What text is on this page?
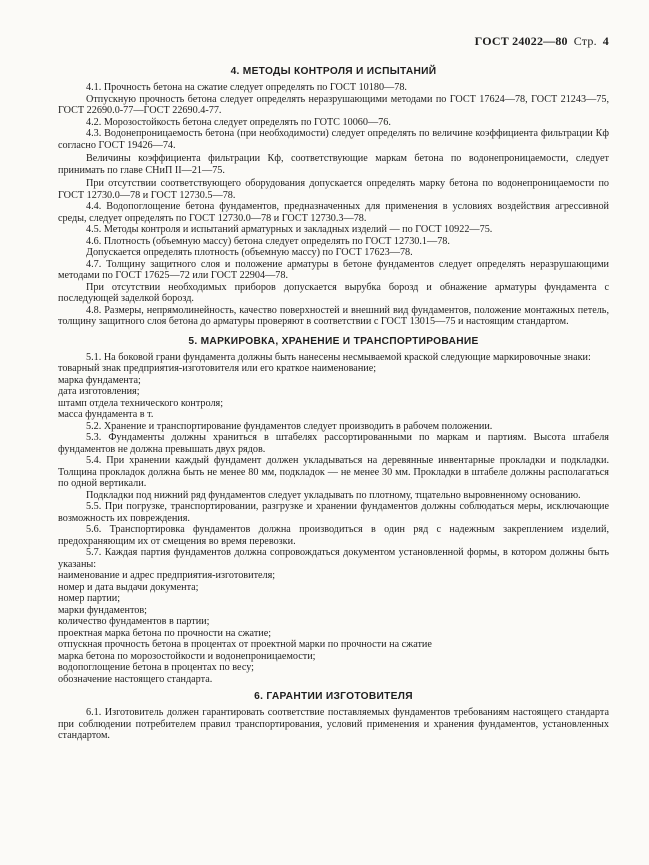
ГОСТ 24022—80 Стр. 4
4. МЕТОДЫ КОНТРОЛЯ И ИСПЫТАНИЙ

4.1. Прочность бетона на сжатие следует определять по ГОСТ 10180—78.

Отпускную прочность бетона следует определять неразрушающими методами по ГОСТ 17624—78, ГОСТ 21243—75, ГОСТ 22690.0-77—ГОСТ 22690.4-77.

4.2. Морозостойкость бетона следует определять по ГОТС 10060—76.

4.3. Водонепроницаемость бетона (при необходимости) следует определять по величине коэффициента фильтрации Кф согласно ГОСТ 19426—74.

Величины коэффициента фильтрации Кф, соответствующие маркам бетона по водонепроницаемости, следует принимать по главе СНиП II—21—75.

При отсутствии соответствующего оборудования допускается определять марку бетона по водонепроницаемости по ГОСТ 12730.0—78 и ГОСТ 12730.5—78.

4.4. Водопоглощение бетона фундаментов, предназначенных для применения в условиях воздействия агрессивной среды, следует определять по ГОСТ 12730.0—78 и ГОСТ 12730.3—78.

4.5. Методы контроля и испытаний арматурных и закладных изделий — по ГОСТ 10922—75.

4.6. Плотность (объемную массу) бетона следует определять по ГОСТ 12730.1—78.

Допускается определять плотность (объемную массу) по ГОСТ 17623—78.

4.7. Толщину защитного слоя и положение арматуры в бетоне фундаментов следует определять неразрушающими методами по ГОСТ 17625—72 или ГОСТ 22904—78.

При отсутствии необходимых приборов допускается вырубка борозд и обнажение арматуры фундамента с последующей заделкой борозд.

4.8. Размеры, непрямолинейность, качество поверхностей и внешний вид фундаментов, положение монтажных петель, толщину защитного слоя бетона до арматуры проверяют в соответствии с ГОСТ 13015—75 и настоящим стандартом.

5. МАРКИРОВКА, ХРАНЕНИЕ И ТРАНСПОРТИРОВАНИЕ

5.1. На боковой грани фундамента должны быть нанесены несмываемой краской следующие маркировочные знаки:

товарный знак предприятия-изготовителя или его краткое наименование;

марка фундамента;

дата изготовления;

штамп отдела технического контроля;

масса фундамента в т.

5.2. Хранение и транспортирование фундаментов следует производить в рабочем положении.

5.3. Фундаменты должны храниться в штабелях рассортированными по маркам и партиям. Высота штабеля фундаментов не должна превышать двух рядов.

5.4. При хранении каждый фундамент должен укладываться на деревянные инвентарные прокладки и подкладки. Толщина прокладок должна быть не менее 80 мм, подкладок — не менее 30 мм. Прокладки в штабеле должны располагаться по одной вертикали.

Подкладки под нижний ряд фундаментов следует укладывать по плотному, тщательно выровненному основанию.

5.5. При погрузке, транспортировании, разгрузке и хранении фундаментов должны соблюдаться меры, исключающие возможность их повреждения.

5.6. Транспортировка фундаментов должна производиться в один ряд с надежным закреплением изделий, предохраняющим их от смещения во время перевозки.

5.7. Каждая партия фундаментов должна сопровождаться документом установленной формы, в котором должны быть указаны:

наименование и адрес предприятия-изготовителя;

номер и дата выдачи документа;

номер партии;

марки фундаментов;

количество фундаментов в партии;

проектная марка бетона по прочности на сжатие;

отпускная прочность бетона в процентах от проектной марки по прочности на сжатие

марка бетона по морозостойкости и водонепроницаемости;

водопоглощение бетона в процентах по весу;

обозначение настоящего стандарта.

6. ГАРАНТИИ ИЗГОТОВИТЕЛЯ

6.1. Изготовитель должен гарантировать соответствие поставляемых фундаментов требованиям настоящего стандарта при соблюдении потребителем правил транспортирования, условий применения и хранения фундаментов, установленных стандартом.
